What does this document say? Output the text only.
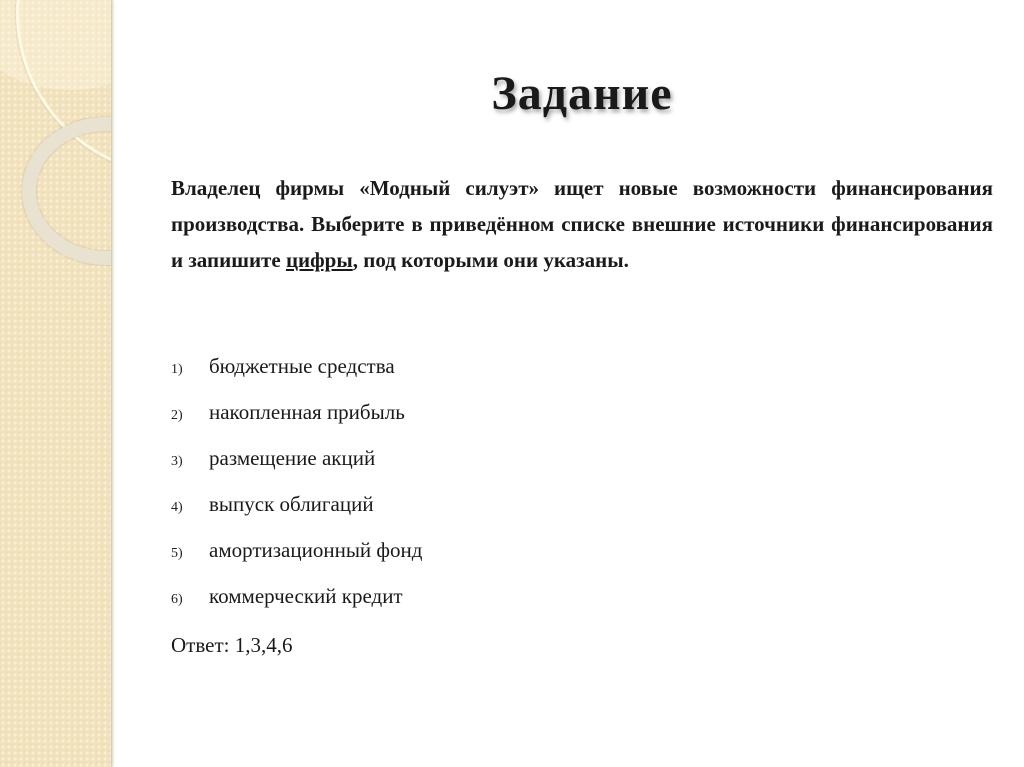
Задание
Владелец фирмы «Модный силуэт» ищет новые возможности финансирования производства. Выберите в приведённом списке внешние источники финансирования и запишите цифры, под которыми они указаны.
1)	бюджетные средства
2)	накопленная прибыль
3)	размещение акций
4)	выпуск облигаций
5)	амортизационный фонд
6)	коммерческий кредит
Ответ: 1,3,4,6
